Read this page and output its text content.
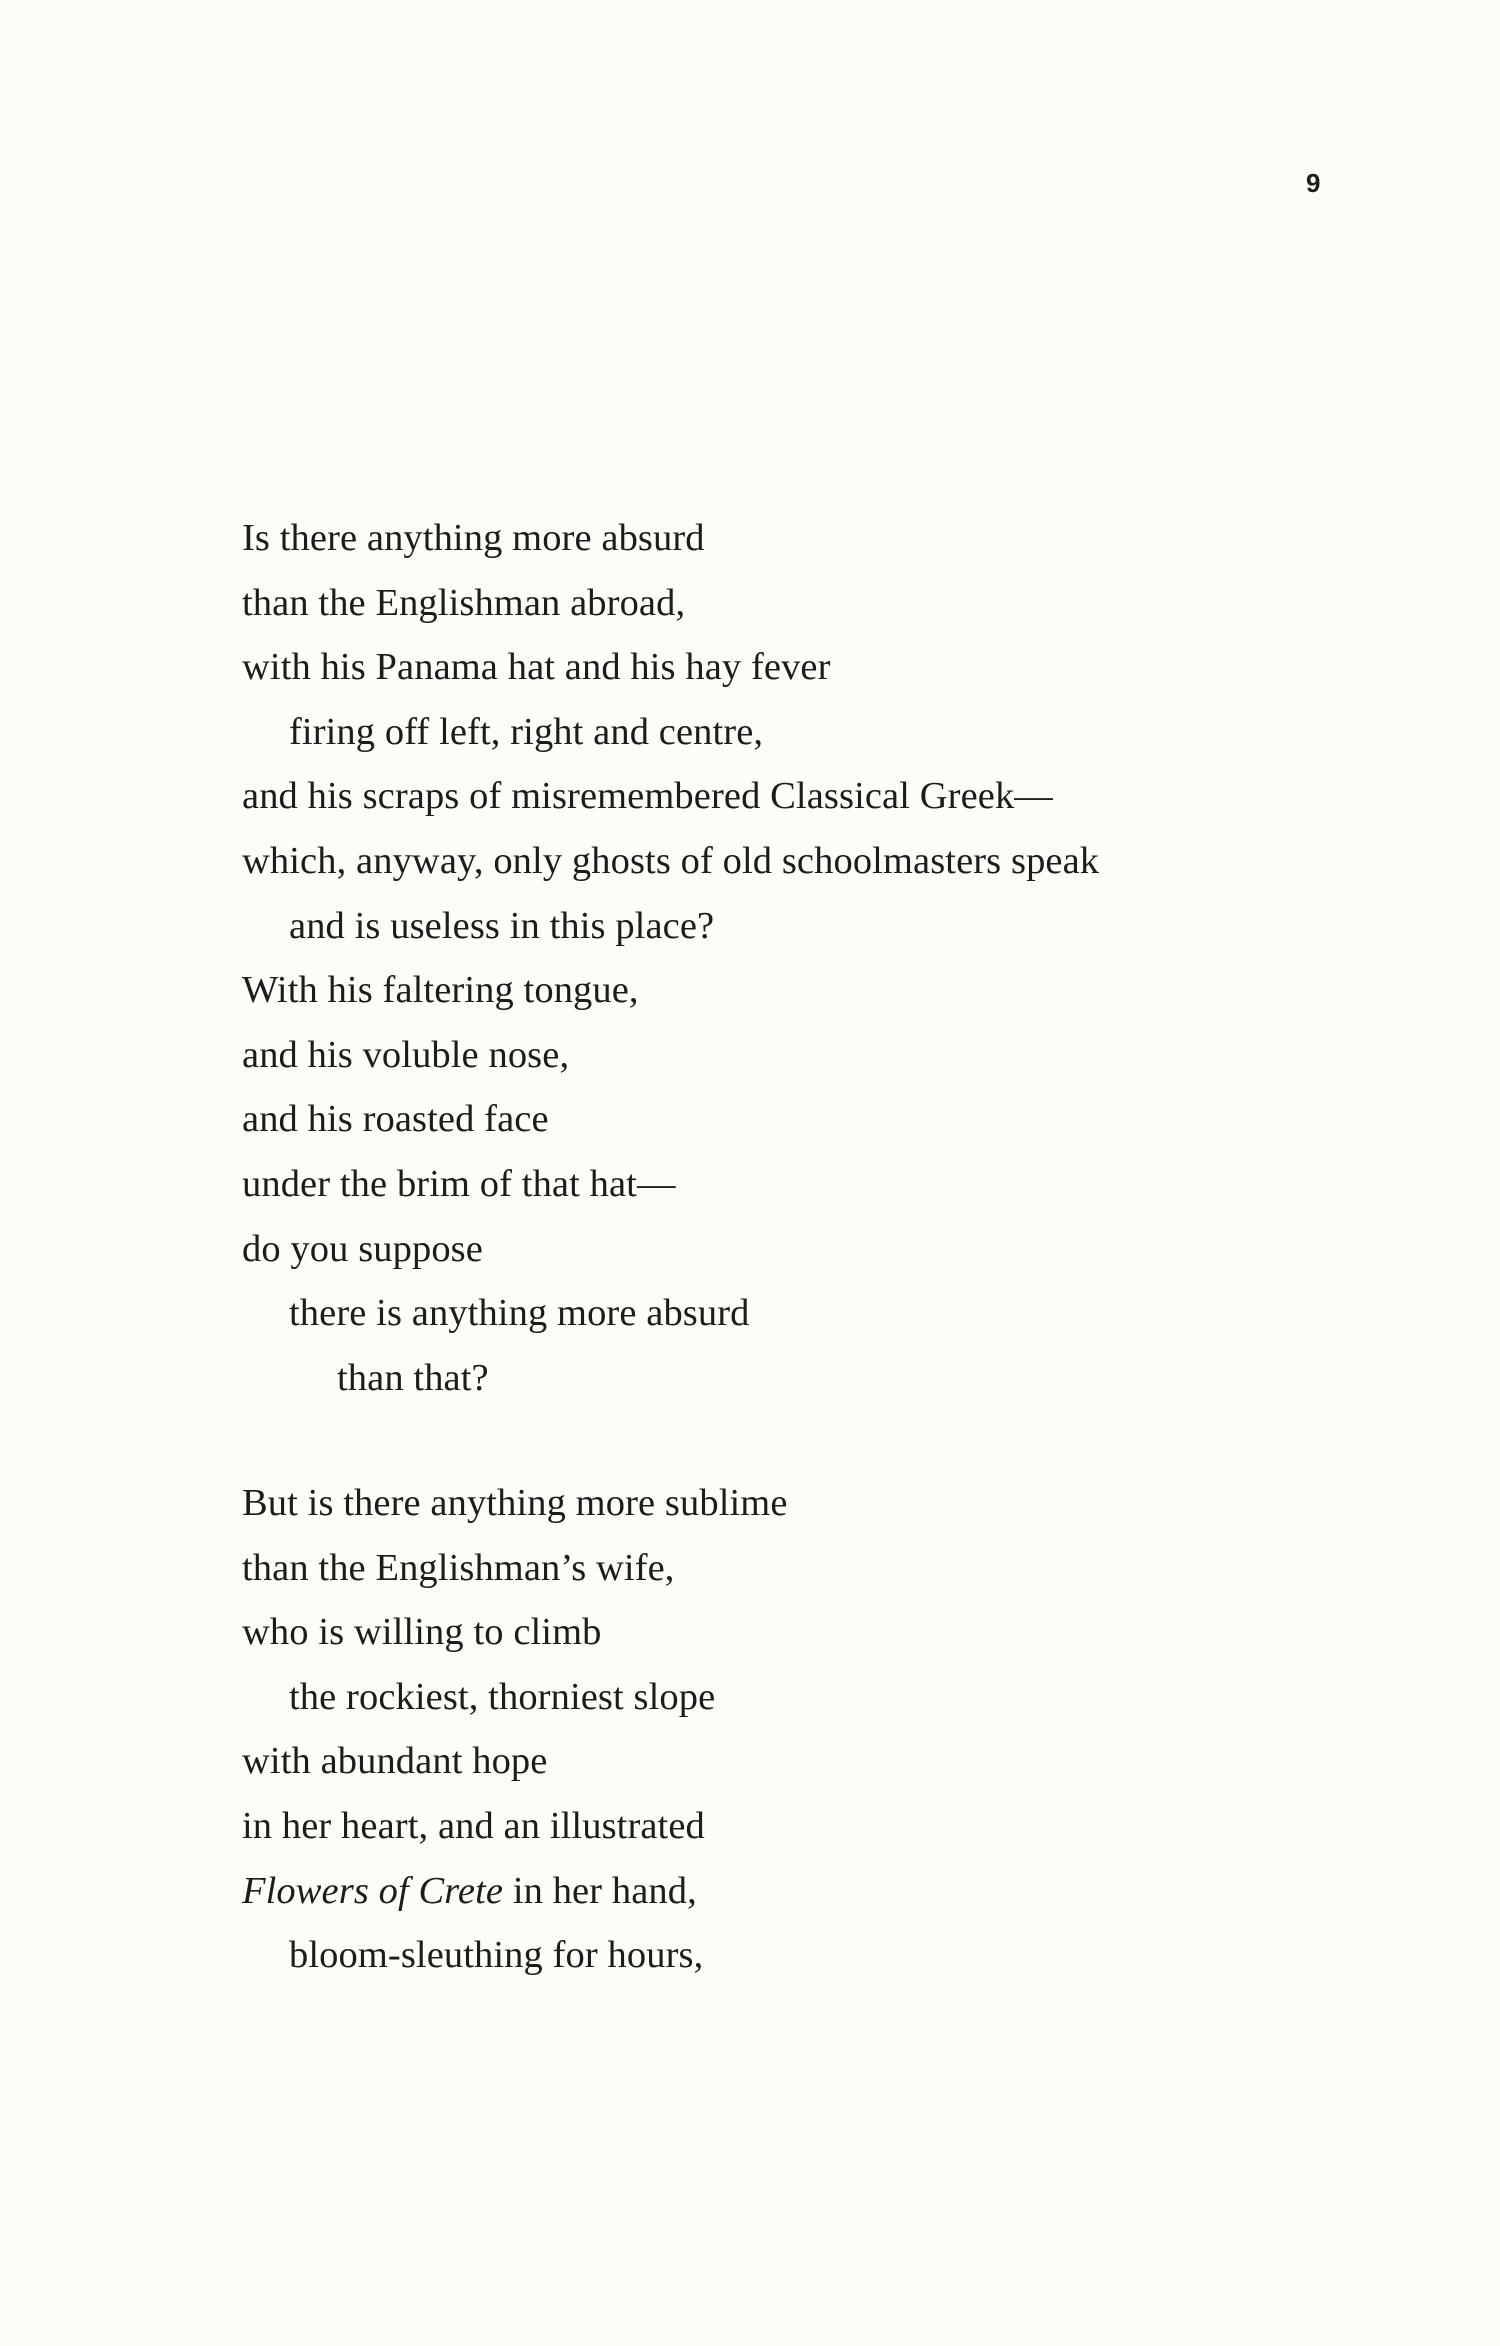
9
Is there anything more absurd
than the Englishman abroad,
with his Panama hat and his hay fever
firing off left, right and centre,
and his scraps of misremembered Classical Greek—
which, anyway, only ghosts of old schoolmasters speak
and is useless in this place?
With his faltering tongue,
and his voluble nose,
and his roasted face
under the brim of that hat—
do you suppose
there is anything more absurd
than that?
But is there anything more sublime
than the Englishman’s wife,
who is willing to climb
the rockiest, thorniest slope
with abundant hope
in her heart, and an illustrated
Flowers of Crete in her hand,
bloom-sleuthing for hours,
